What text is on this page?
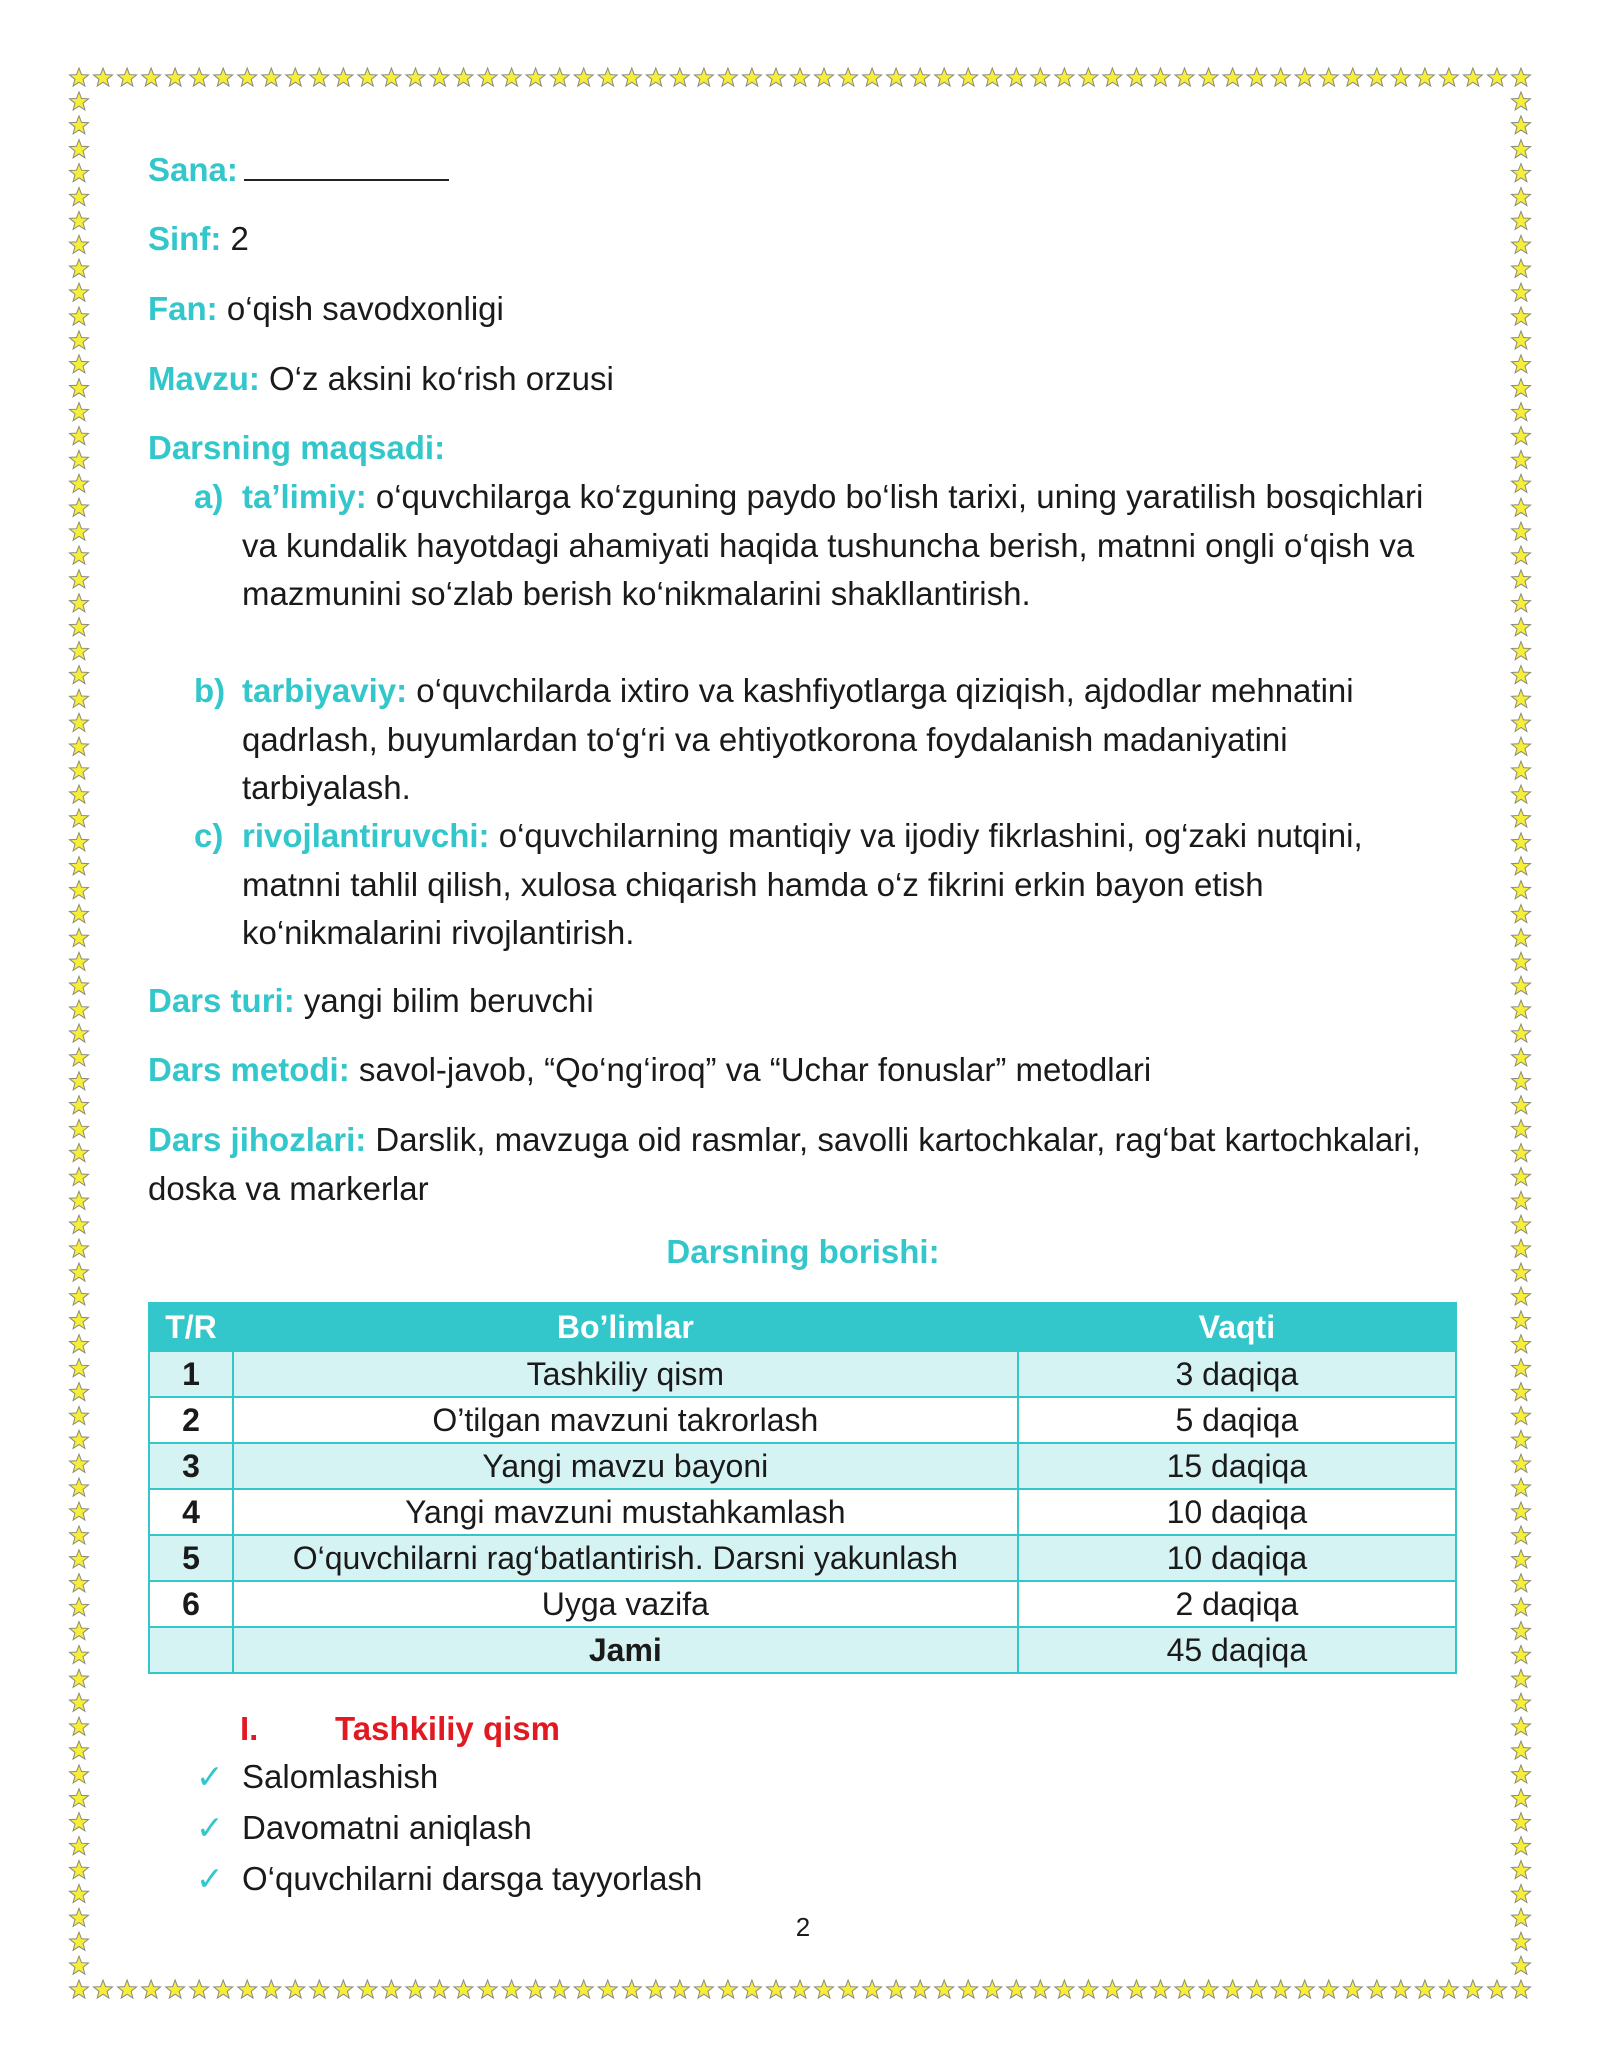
Sana:
Sinf: 2
Fan: o‘qish savodxonligi
Mavzu: O‘z aksini ko‘rish orzusi
Darsning maqsadi:
a) ta’limiy: o‘quvchilarga ko‘zguning paydo bo‘lish tarixi, uning yaratilish bosqichlari va kundalik hayotdagi ahamiyati haqida tushuncha berish, matnni ongli o‘qish va mazmunini so‘zlab berish ko‘nikmalarini shakllantirish.
b) tarbiyaviy: o‘quvchilarda ixtiro va kashfiyotlarga qiziqish, ajdodlar mehnatini qadrlash, buyumlardan to‘g‘ri va ehtiyotkorona foydalanish madaniyatini tarbiyalash.
c) rivojlantiruvchi: o‘quvchilarning mantiqiy va ijodiy fikrlashini, og‘zaki nutqini, matnni tahlil qilish, xulosa chiqarish hamda o‘z fikrini erkin bayon etish ko‘nikmalarini rivojlantirish.
Dars turi: yangi bilim beruvchi
Dars metodi: savol-javob, “Qo‘ng‘iroq” va “Uchar fonuslar” metodlari
Dars jihozlari: Darslik, mavzuga oid rasmlar, savolli kartochkalar, rag‘bat kartochkalari, doska va markerlar
Darsning borishi:
T/R	Bo’limlar	Vaqti
1	Tashkiliy qism	3 daqiqa
2	O’tilgan mavzuni takrorlash	5 daqiqa
3	Yangi mavzu bayoni	15 daqiqa
4	Yangi mavzuni mustahkamlash	10 daqiqa
5	O‘quvchilarni rag‘batlantirish. Darsni yakunlash	10 daqiqa
6	Uyga vazifa	2 daqiqa
	Jami	45 daqiqa
I. Tashkiliy qism
✓ Salomlashish
✓ Davomatni aniqlash
✓ O‘quvchilarni darsga tayyorlash
2
